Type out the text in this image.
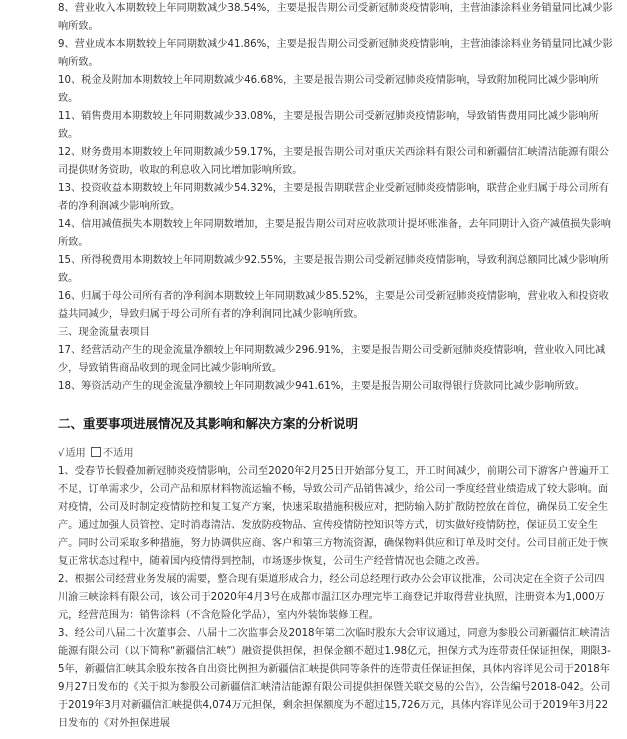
8、营业收入本期数较上年同期数减少38.54%，主要是报告期公司受新冠肺炎疫情影响，主营油漆涂料业务销量同比减少影响所致。

9、营业成本本期数较上年同期数减少41.86%，主要是报告期公司受新冠肺炎疫情影响，主营油漆涂料业务销量同比减少影响所致。

10、税金及附加本期数较上年同期数减少46.68%，主要是报告期公司受新冠肺炎疫情影响，导致附加税同比减少影响所致。

11、销售费用本期数较上年同期数减少33.08%，主要是报告期公司受新冠肺炎疫情影响，导致销售费用同比减少影响所致。

12、财务费用本期数较上年同期数减少59.17%，主要是报告期公司对重庆关西涂料有限公司和新疆信汇峡清洁能源有限公司提供财务资助，收取的利息收入同比增加影响所致。

13、投资收益本期数较上年同期数减少54.32%，主要是报告期联营企业受新冠肺炎疫情影响，联营企业归属于母公司所有者的净利润减少影响所致。

14、信用减值损失本期数较上年同期数增加，主要是报告期公司对应收款项计提坏账准备，去年同期计入资产减值损失影响所致。

15、所得税费用本期数较上年同期数减少92.55%，主要是报告期公司受新冠肺炎疫情影响，导致利润总额同比减少影响所致。

16、归属于母公司所有者的净利润本期数较上年同期数减少85.52%，主要是公司受新冠肺炎疫情影响，营业收入和投资收益共同减少，导致归属于母公司所有者的净利润同比减少影响所致。

三、现金流量表项目

17、经营活动产生的现金流量净额较上年同期数减少296.91%，主要是报告期公司受新冠肺炎疫情影响，营业收入同比减少，导致销售商品收到的现金同比减少影响所致。

18、筹资活动产生的现金流量净额较上年同期数减少941.61%，主要是报告期公司取得银行贷款同比减少影响所致。

二、重要事项进展情况及其影响和解决方案的分析说明

√适用 不适用

1、受春节长假叠加新冠肺炎疫情影响，公司至2020年2月25日开始部分复工，开工时间减少，前期公司下游客户普遍开工不足，订单需求少，公司产品和原材料物流运输不畅，导致公司产品销售减少，给公司一季度经营业绩造成了较大影响。面对疫情，公司及时制定疫情防控和复工复产方案，快速采取措施积极应对，把防输入防扩散防控放在首位，确保员工安全生产。通过加强人员管控、定时消毒清洁、发放防疫物品、宣传疫情防控知识等方式，切实做好疫情防控，保证员工安全生产。同时公司采取多种措施，努力协调供应商、客户和第三方物流资源，确保物料供应和订单及时交付。公司目前正处于恢复正常状态过程中，随着国内疫情得到控制，市场逐步恢复，公司生产经营情况也会随之改善。

2、根据公司经营业务发展的需要，整合现有渠道形成合力，经公司总经理行政办公会审议批准，公司决定在全资子公司四川渝三峡涂料有限公司，该公司于2020年4月3号在成都市温江区办理完毕工商登记并取得营业执照，注册资本为1,000万元，经营范围为：销售涂料（不含危险化学品），室内外装饰装修工程。

3、经公司八届二十次董事会、八届十二次监事会及2018年第二次临时股东大会审议通过，同意为参股公司新疆信汇峡清洁能源有限公司（以下简称“新疆信汇峡”）融资提供担保，担保金额不超过1.98亿元，担保方式为连带责任保证担保，期限3-5年，新疆信汇峡其余股东按各自出资比例担为新疆信汇峡提供同等条件的连带责任保证担保，具体内容详见公司于2018年9月27日发布的《关于拟为参股公司新疆信汇峡清洁能源有限公司提供担保暨关联交易的公告》，公告编号2018-042。公司于2019年3月对新疆信汇峡提供4,074万元担保，剩余担保额度为不超过15,726万元，具体内容详见公司于2019年3月22日发布的《对外担保进展
